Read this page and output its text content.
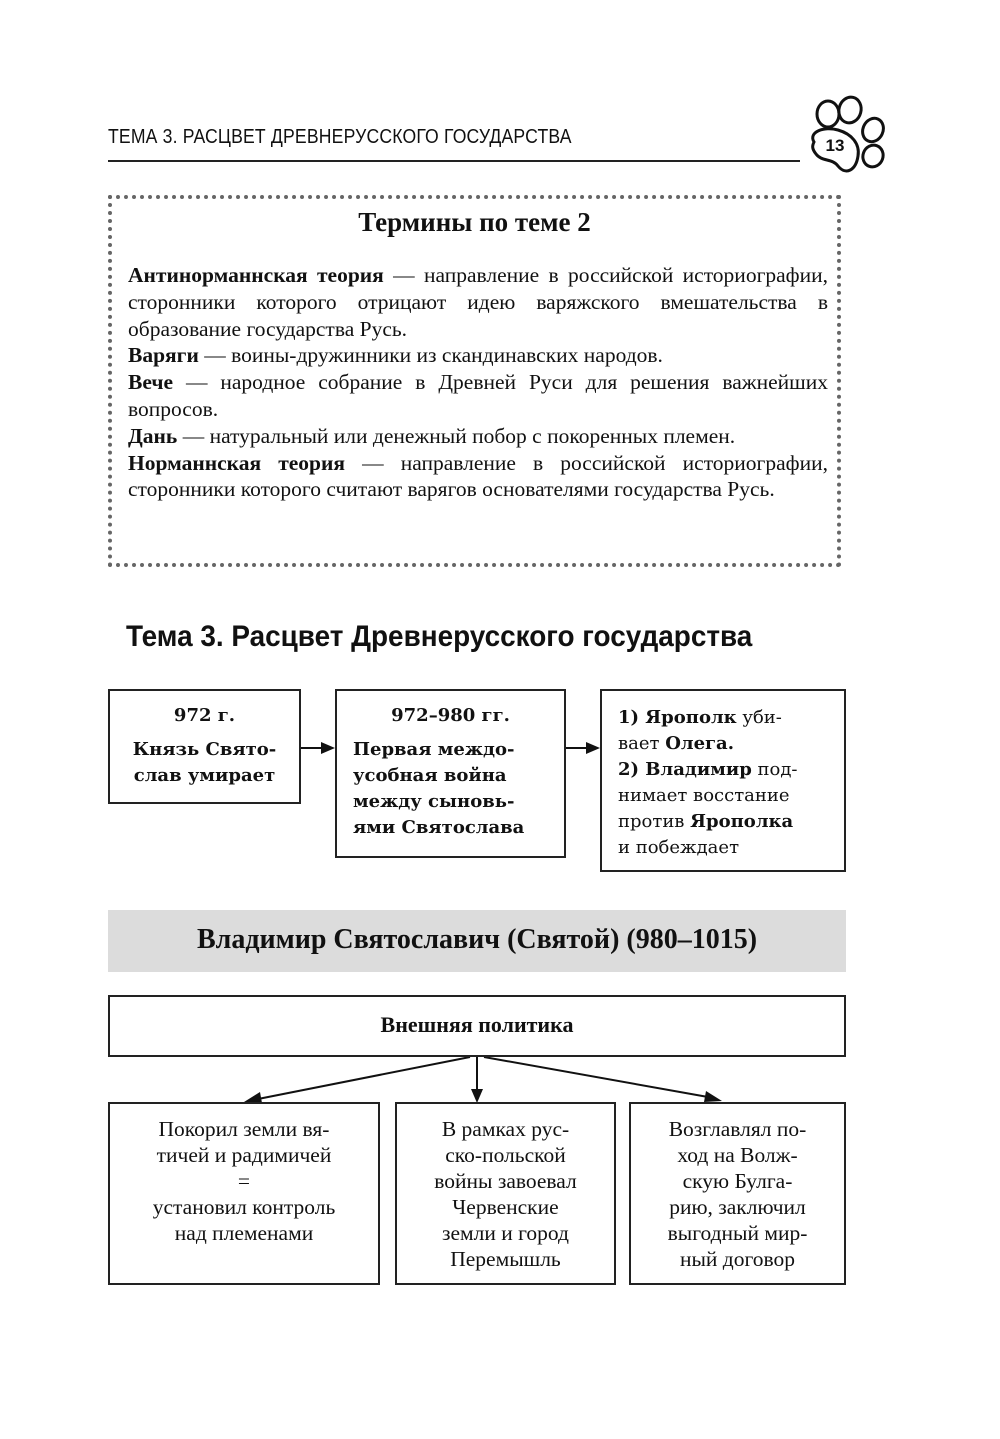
ТЕМА 3. РАСЦВЕТ ДРЕВНЕРУССКОГО ГОСУДАРСТВА	13
Термины по теме 2

Антинорманнская теория — направление в российской историографии, сторонники которого отрицают идею варяжского вмешательства в образование государства Русь.

Варяги — воины-дружинники из скандинавских народов.

Вече — народное собрание в Древней Руси для решения важнейших вопросов.

Дань — натуральный или денежный побор с покоренных племен.

Норманнская теория — направление в российской историографии, сторонники которого считают варягов основателями государства Русь.

Тема 3. Расцвет Древнерусского государства
972 г.
Князь Свято-
слав умирает
972–980 гг.
Первая междо-
усобная война
между сыновь-
ями Святослава
1) Ярополк уби-
вает Олега.
2) Владимир под-
нимает восстание
против Ярополка
и побеждает
Владимир Святославич (Святой) (980–1015)
Внешняя политика
Покорил земли вя-
тичей и радимичей
=
установил контроль
над племенами
В рамках рус-
ско-польской
войны завоевал
Червенские
земли и город
Перемышль
Возглавлял по-
ход на Волж-
скую Булга-
рию, заключил
выгодный мир-
ный договор
